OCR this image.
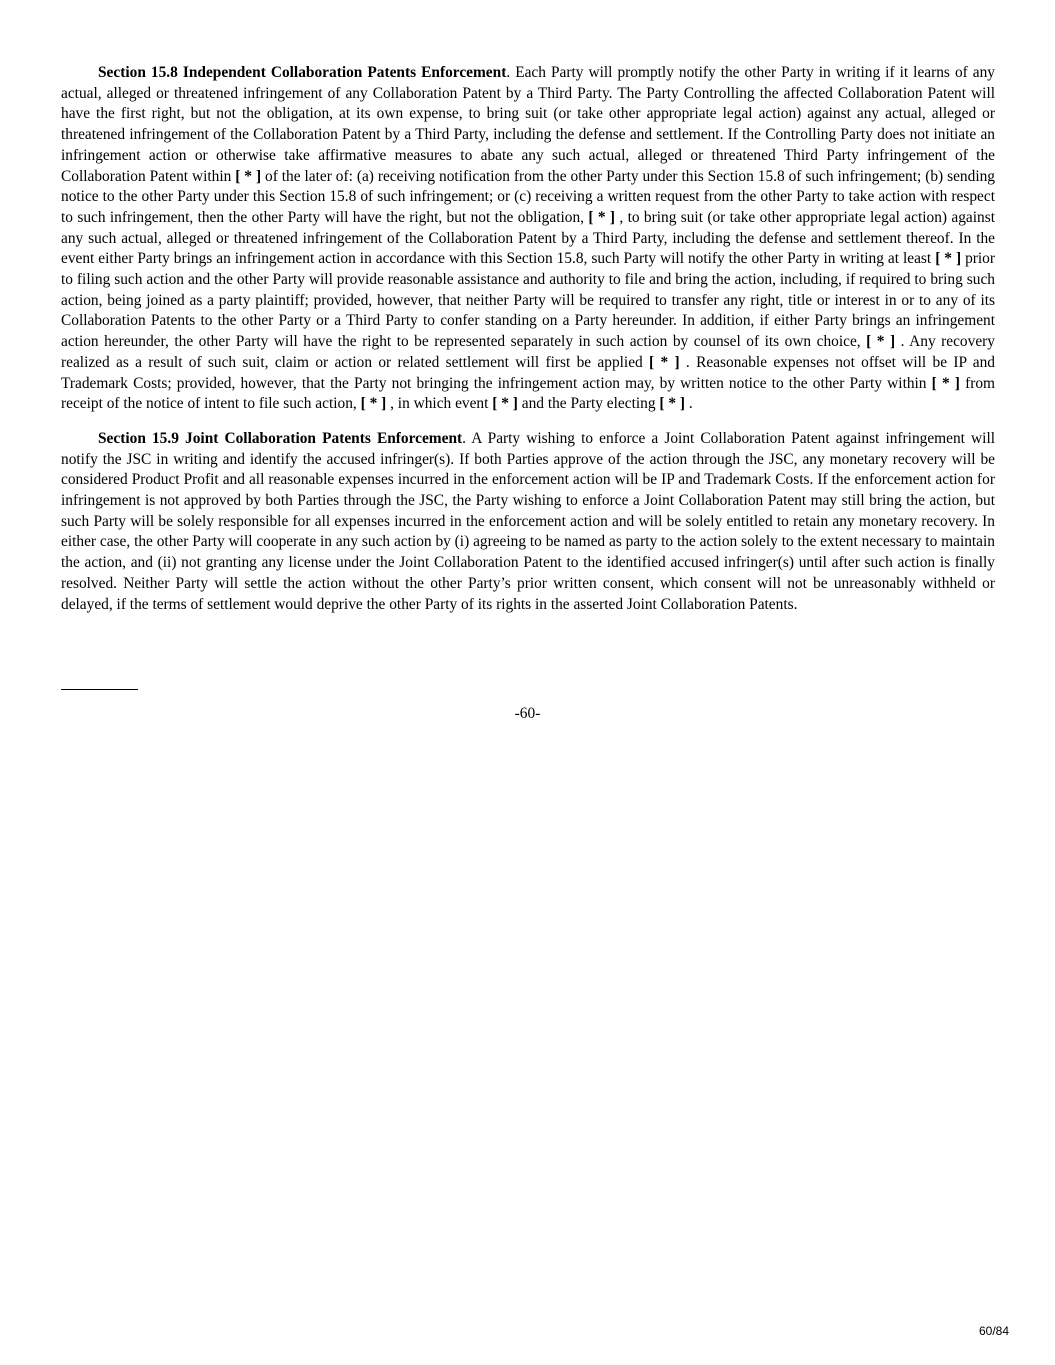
Section 15.8 Independent Collaboration Patents Enforcement. Each Party will promptly notify the other Party in writing if it learns of any actual, alleged or threatened infringement of any Collaboration Patent by a Third Party. The Party Controlling the affected Collaboration Patent will have the first right, but not the obligation, at its own expense, to bring suit (or take other appropriate legal action) against any actual, alleged or threatened infringement of the Collaboration Patent by a Third Party, including the defense and settlement. If the Controlling Party does not initiate an infringement action or otherwise take affirmative measures to abate any such actual, alleged or threatened Third Party infringement of the Collaboration Patent within [ * ] of the later of: (a) receiving notification from the other Party under this Section 15.8 of such infringement; (b) sending notice to the other Party under this Section 15.8 of such infringement; or (c) receiving a written request from the other Party to take action with respect to such infringement, then the other Party will have the right, but not the obligation, [ * ] , to bring suit (or take other appropriate legal action) against any such actual, alleged or threatened infringement of the Collaboration Patent by a Third Party, including the defense and settlement thereof. In the event either Party brings an infringement action in accordance with this Section 15.8, such Party will notify the other Party in writing at least [ * ] prior to filing such action and the other Party will provide reasonable assistance and authority to file and bring the action, including, if required to bring such action, being joined as a party plaintiff; provided, however, that neither Party will be required to transfer any right, title or interest in or to any of its Collaboration Patents to the other Party or a Third Party to confer standing on a Party hereunder. In addition, if either Party brings an infringement action hereunder, the other Party will have the right to be represented separately in such action by counsel of its own choice, [ * ] . Any recovery realized as a result of such suit, claim or action or related settlement will first be applied [ * ] . Reasonable expenses not offset will be IP and Trademark Costs; provided, however, that the Party not bringing the infringement action may, by written notice to the other Party within [ * ] from receipt of the notice of intent to file such action, [ * ] , in which event [ * ] and the Party electing [ * ] .

Section 15.9 Joint Collaboration Patents Enforcement. A Party wishing to enforce a Joint Collaboration Patent against infringement will notify the JSC in writing and identify the accused infringer(s). If both Parties approve of the action through the JSC, any monetary recovery will be considered Product Profit and all reasonable expenses incurred in the enforcement action will be IP and Trademark Costs. If the enforcement action for infringement is not approved by both Parties through the JSC, the Party wishing to enforce a Joint Collaboration Patent may still bring the action, but such Party will be solely responsible for all expenses incurred in the enforcement action and will be solely entitled to retain any monetary recovery. In either case, the other Party will cooperate in any such action by (i) agreeing to be named as party to the action solely to the extent necessary to maintain the action, and (ii) not granting any license under the Joint Collaboration Patent to the identified accused infringer(s) until after such action is finally resolved. Neither Party will settle the action without the other Party’s prior written consent, which consent will not be unreasonably withheld or delayed, if the terms of settlement would deprive the other Party of its rights in the asserted Joint Collaboration Patents.

-60-
60/84
